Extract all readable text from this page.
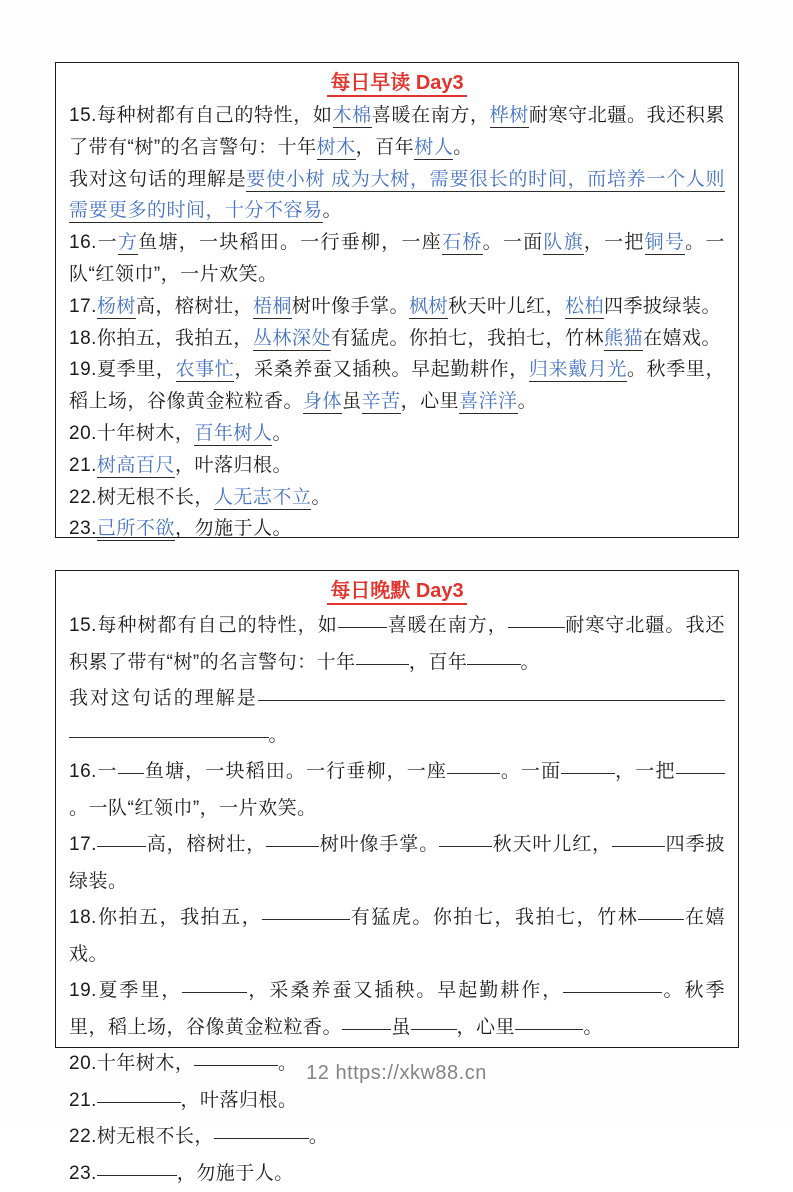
每日早读 Day3
15.每种树都有自己的特性，如木棉喜暖在南方，桦树耐寒守北疆。我还积累了带有“树”的名言警句：十年树木，百年树人。
我对这句话的理解是要使小树 成为大树，需要很长的时间，而培养一个人则需要更多的时间，十分不容易。
16.一方鱼塘，一块稻田。一行垂柳，一座石桥。一面队旗，一把铜号。一队“红领巾”，一片欢笑。
17.杨树高，榕树壮，梧桐树叶像手掌。枫树秋天叶儿红，松柏四季披绿装。
18.你拍五，我拍五，丛林深处有猛虎。你拍七，我拍七，竹林熊猫在嬉戏。
19.夏季里，农事忙，采桑养蚕又插秧。早起勤耕作，归来戴月光。秋季里，稻上场，谷像黄金粒粒香。身体虽辛苦，心里喜洋洋。
20.十年树木，百年树人。
21.树高百尺，叶落归根。
22.树无根不长，人无志不立。
23.己所不欲，勿施于人。
每日晚默 Day3
15.每种树都有自己的特性，如	喜暖在南方，	耐寒守北疆。我还积累了带有“树”的名言警句：十年	，百年	。
我对这句话的理解是  。
16.一 鱼塘，一块稻田。一行垂柳，一座	。一面	，一把 。一队“红领巾”，一片欢笑。
17.	高，榕树壮，	树叶像手掌。	秋天叶儿红，	四季披绿装。
18.你拍五，我拍五，	有猛虎。你拍七，我拍七，竹林 在嬉戏。
19.夏季里，	，采桑养蚕又插秧。早起勤耕作，	。秋季里，稻上场，谷像黄金粒粒香。	虽 ，心里	。
20.十年树木，	。
21.	，叶落归根。
22.树无根不长，	。
23.	，勿施于人。
12 https://xkw88.cn
